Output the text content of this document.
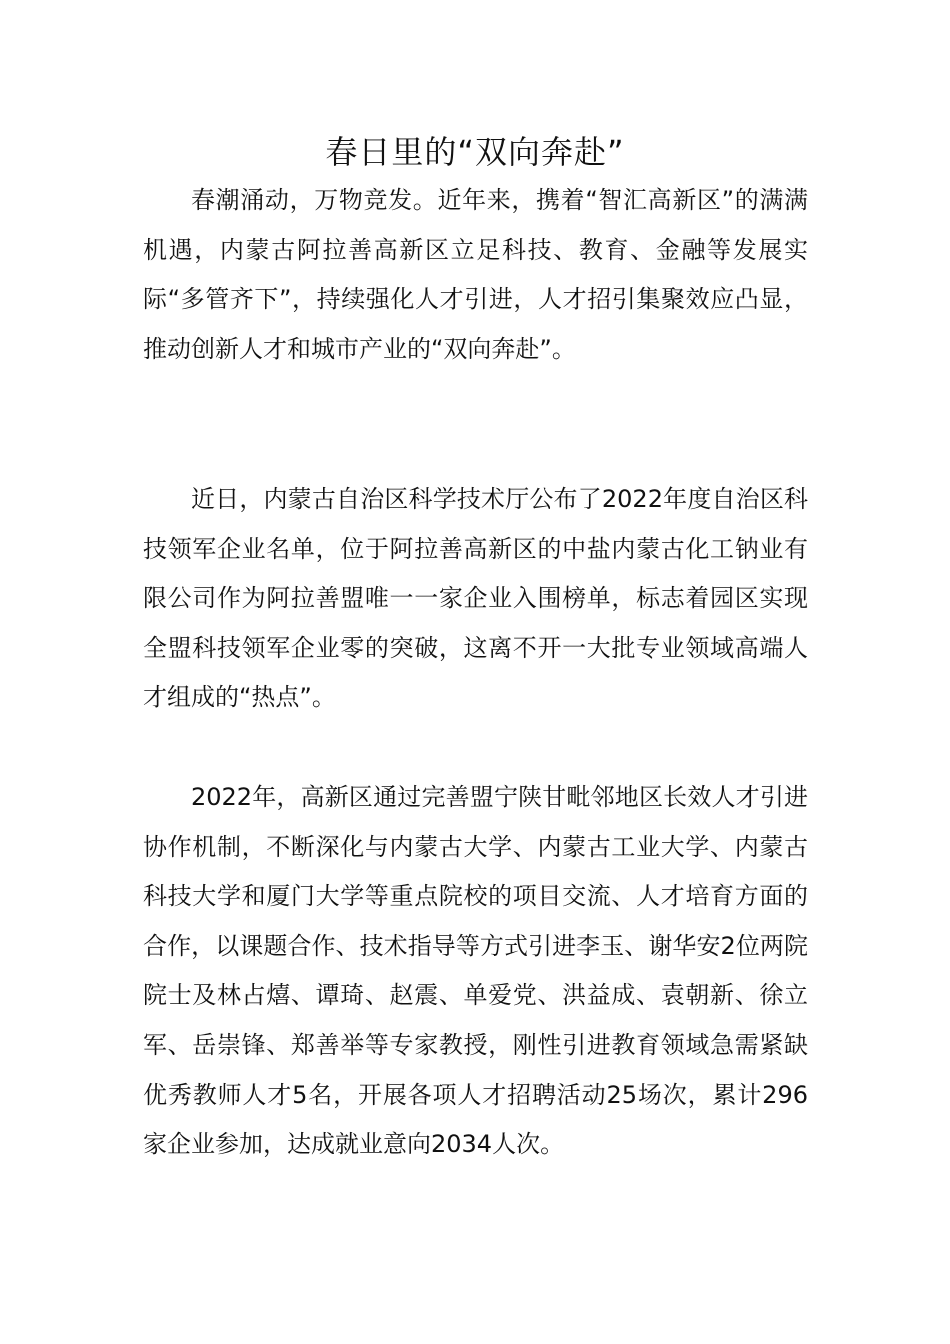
春日里的“双向奔赴”

春潮涌动，万物竞发。近年来，携着“智汇高新区”的满满机遇，内蒙古阿拉善高新区立足科技、教育、金融等发展实际“多管齐下”，持续强化人才引进，人才招引集聚效应凸显，推动创新人才和城市产业的“双向奔赴”。

近日，内蒙古自治区科学技术厅公布了2022年度自治区科技领军企业名单，位于阿拉善高新区的中盐内蒙古化工钠业有限公司作为阿拉善盟唯一一家企业入围榜单，标志着园区实现全盟科技领军企业零的突破，这离不开一大批专业领域高端人才组成的“热点”。

2022年，高新区通过完善盟宁陕甘毗邻地区长效人才引进协作机制，不断深化与内蒙古大学、内蒙古工业大学、内蒙古科技大学和厦门大学等重点院校的项目交流、人才培育方面的合作，以课题合作、技术指导等方式引进李玉、谢华安2位两院院士及林占熺、谭琦、赵震、单爱党、洪益成、袁朝新、徐立军、岳崇锋、郑善举等专家教授，刚性引进教育领域急需紧缺优秀教师人才5名，开展各项人才招聘活动25场次，累计296家企业参加，达成就业意向2034人次。
